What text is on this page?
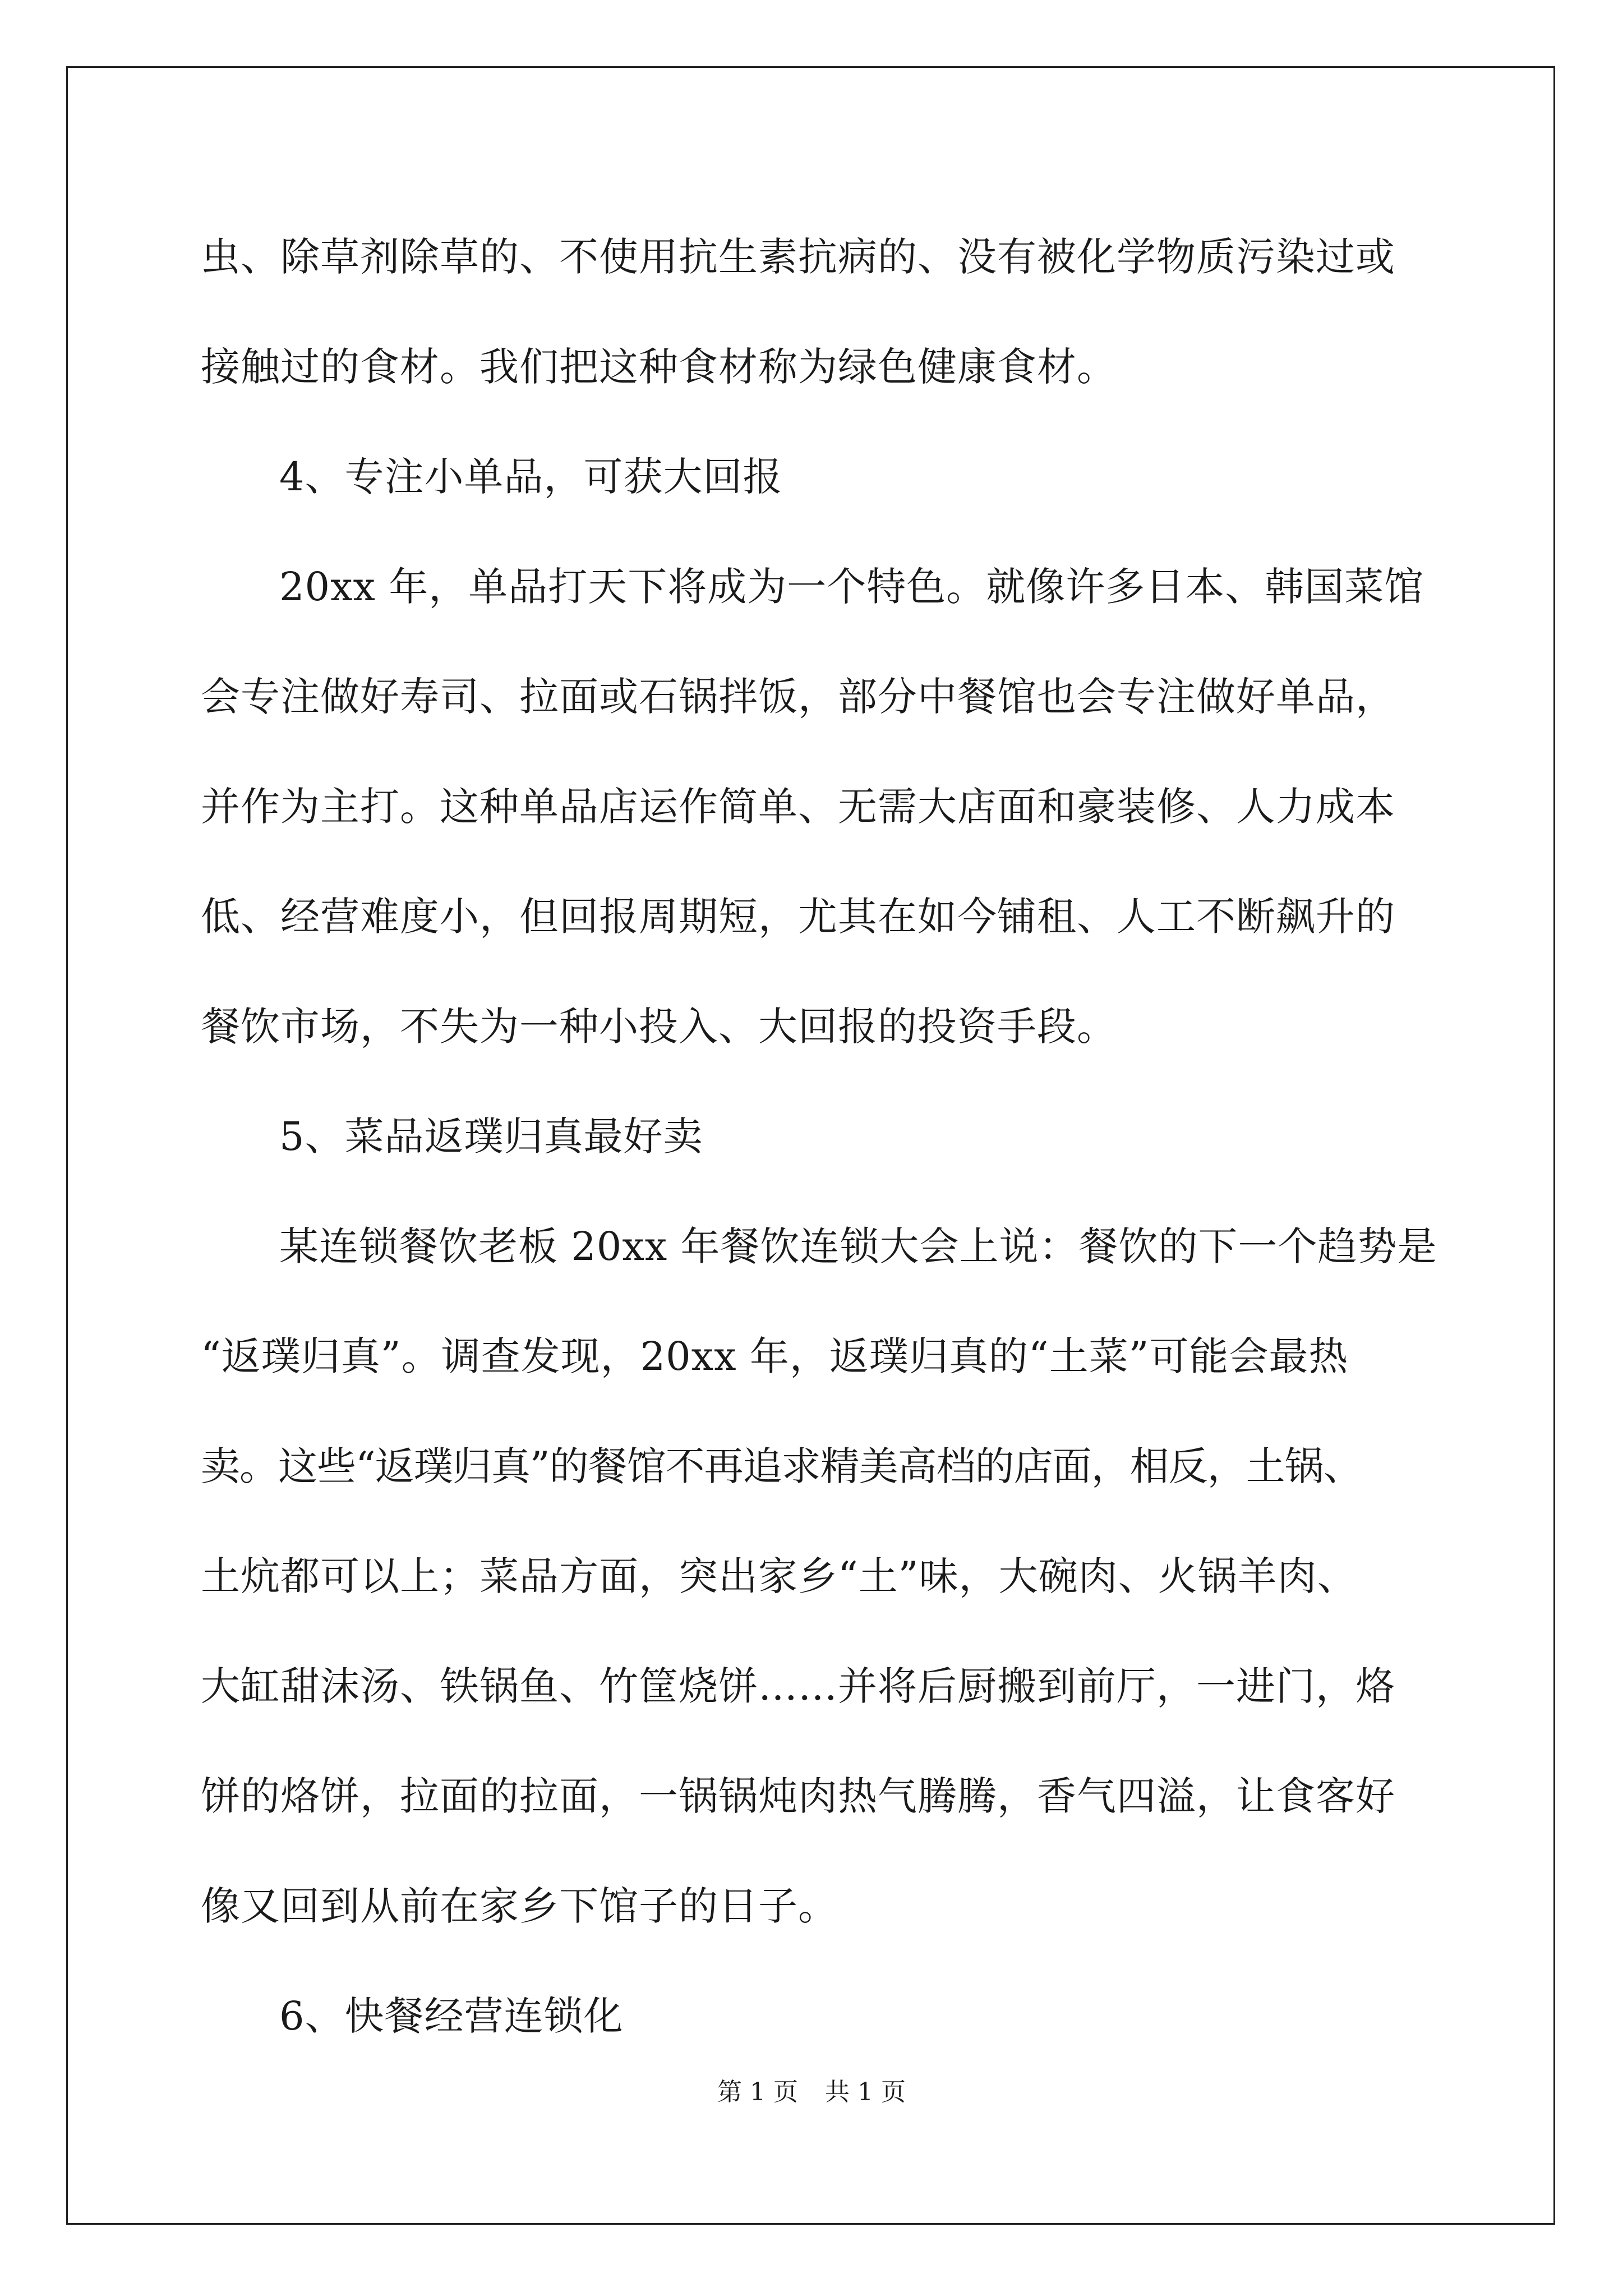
虫、除草剂除草的、不使用抗生素抗病的、没有被化学物质污染过或
接触过的食材。我们把这种食材称为绿色健康食材。
4、专注小单品，可获大回报
20xx 年，单品打天下将成为一个特色。就像许多日本、韩国菜馆
会专注做好寿司、拉面或石锅拌饭，部分中餐馆也会专注做好单品，
并作为主打。这种单品店运作简单、无需大店面和豪装修、人力成本
低、经营难度小，但回报周期短，尤其在如今铺租、人工不断飙升的
餐饮市场，不失为一种小投入、大回报的投资手段。
5、菜品返璞归真最好卖
某连锁餐饮老板 20xx 年餐饮连锁大会上说：餐饮的下一个趋势是
“返璞归真”。调查发现，20xx 年，返璞归真的“土菜”可能会最热
卖。这些“返璞归真”的餐馆不再追求精美高档的店面，相反，土锅、
土炕都可以上；菜品方面，突出家乡“土”味，大碗肉、火锅羊肉、
大缸甜沫汤、铁锅鱼、竹筐烧饼……并将后厨搬到前厅，一进门，烙
饼的烙饼，拉面的拉面，一锅锅炖肉热气腾腾，香气四溢，让食客好
像又回到从前在家乡下馆子的日子。
6、快餐经营连锁化
第 1 页 共 1 页
